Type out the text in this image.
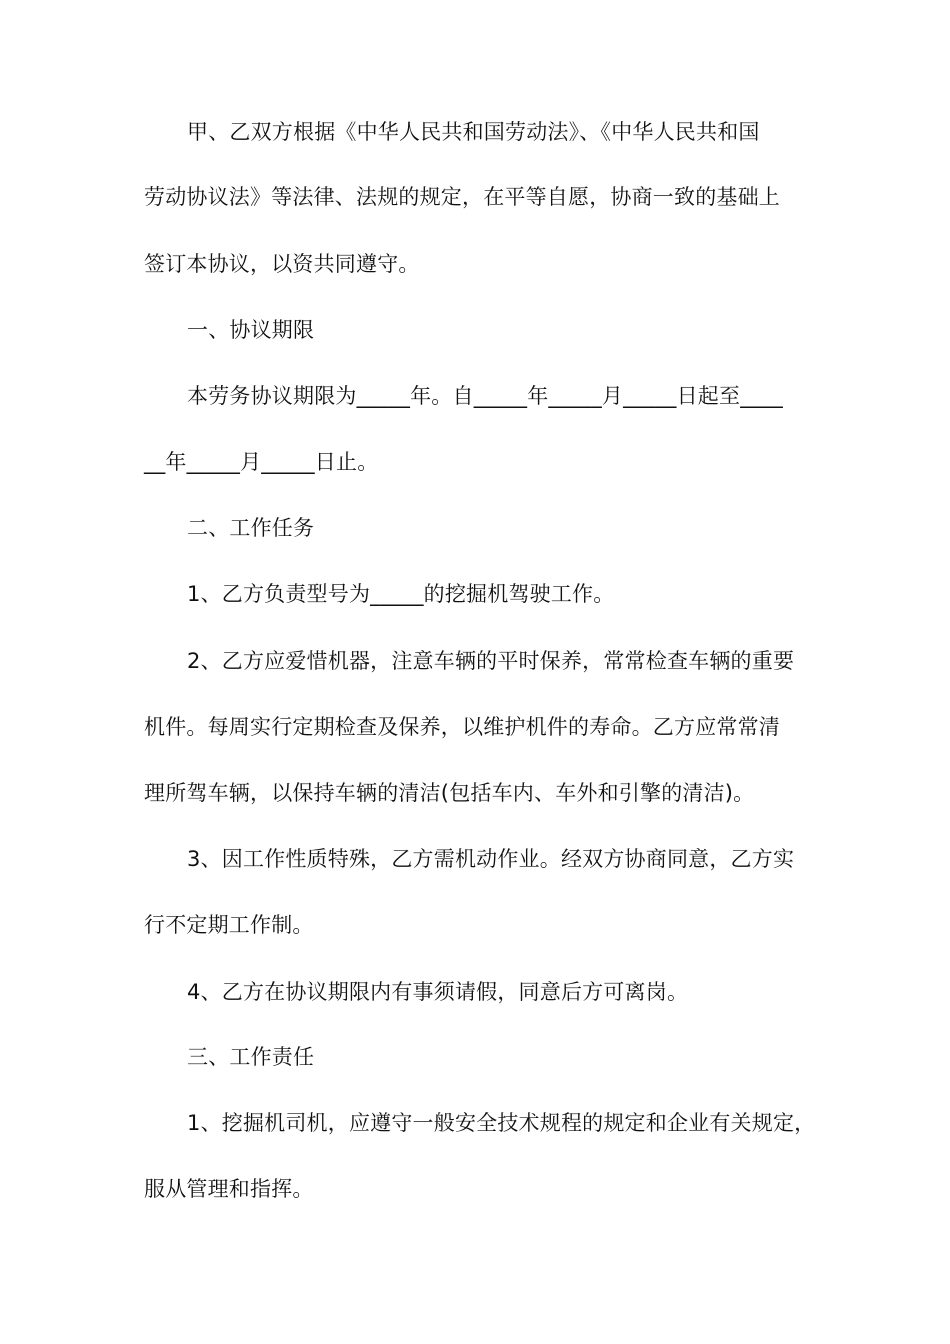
甲、乙双方根据《中华人民共和国劳动法》、《中华人民共和国
劳动协议法》等法律、法规的规定，在平等自愿，协商一致的基础上
签订本协议，以资共同遵守。
一、协议期限
本劳务协议期限为_____年。自_____年_____月_____日起至____
__年_____月_____日止。
二、工作任务
1、乙方负责型号为_____的挖掘机驾驶工作。
2、乙方应爱惜机器，注意车辆的平时保养，常常检查车辆的重要
机件。每周实行定期检查及保养，以维护机件的寿命。乙方应常常清
理所驾车辆，以保持车辆的清洁(包括车内、车外和引擎的清洁)。
3、因工作性质特殊，乙方需机动作业。经双方协商同意，乙方实
行不定期工作制。
4、乙方在协议期限内有事须请假，同意后方可离岗。
三、工作责任
1、挖掘机司机，应遵守一般安全技术规程的规定和企业有关规定，
服从管理和指挥。
